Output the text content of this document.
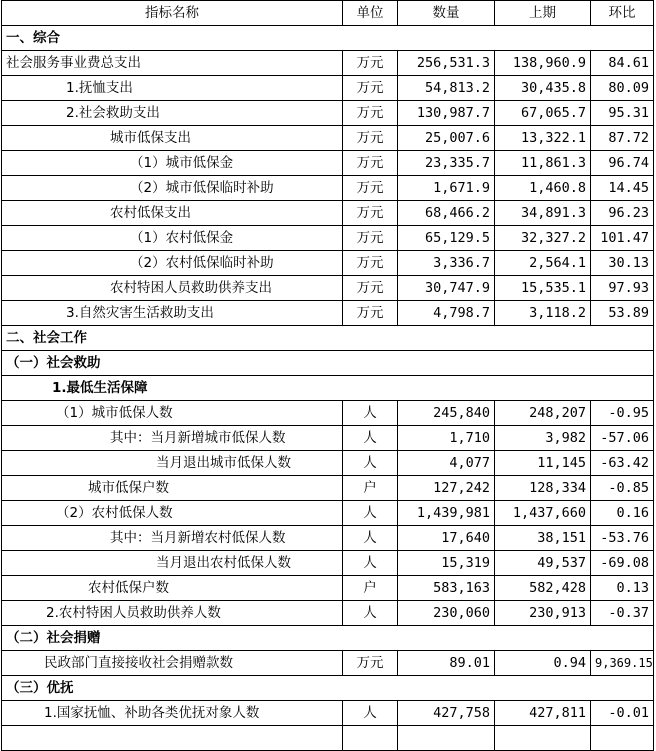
指标名称	单位	数量	上期	环比
一、综合				
社会服务事业费总支出	万元	256,531.3	138,960.9	84.61
1.抚恤支出	万元	54,813.2	30,435.8	80.09
2.社会救助支出	万元	130,987.7	67,065.7	95.31
城市低保支出	万元	25,007.6	13,322.1	87.72
（1）城市低保金	万元	23,335.7	11,861.3	96.74
（2）城市低保临时补助	万元	1,671.9	1,460.8	14.45
农村低保支出	万元	68,466.2	34,891.3	96.23
（1）农村低保金	万元	65,129.5	32,327.2	101.47
（2）农村低保临时补助	万元	3,336.7	2,564.1	30.13
农村特困人员救助供养支出	万元	30,747.9	15,535.1	97.93
3.自然灾害生活救助支出	万元	4,798.7	3,118.2	53.89
二、社会工作				
（一）社会救助				
1.最低生活保障				
（1）城市低保人数	人	245,840	248,207	-0.95
其中：当月新增城市低保人数	人	1,710	3,982	-57.06
当月退出城市低保人数	人	4,077	11,145	-63.42
城市低保户数	户	127,242	128,334	-0.85
（2）农村低保人数	人	1,439,981	1,437,660	0.16
其中：当月新增农村低保人数	人	17,640	38,151	-53.76
当月退出农村低保人数	人	15,319	49,537	-69.08
农村低保户数	户	583,163	582,428	0.13
2.农村特困人员救助供养人数	人	230,060	230,913	-0.37
（二）社会捐赠				
民政部门直接接收社会捐赠款数	万元	89.01	0.94	9,369.15
（三）优抚				
1.国家抚恤、补助各类优抚对象人数	人	427,758	427,811	-0.01
